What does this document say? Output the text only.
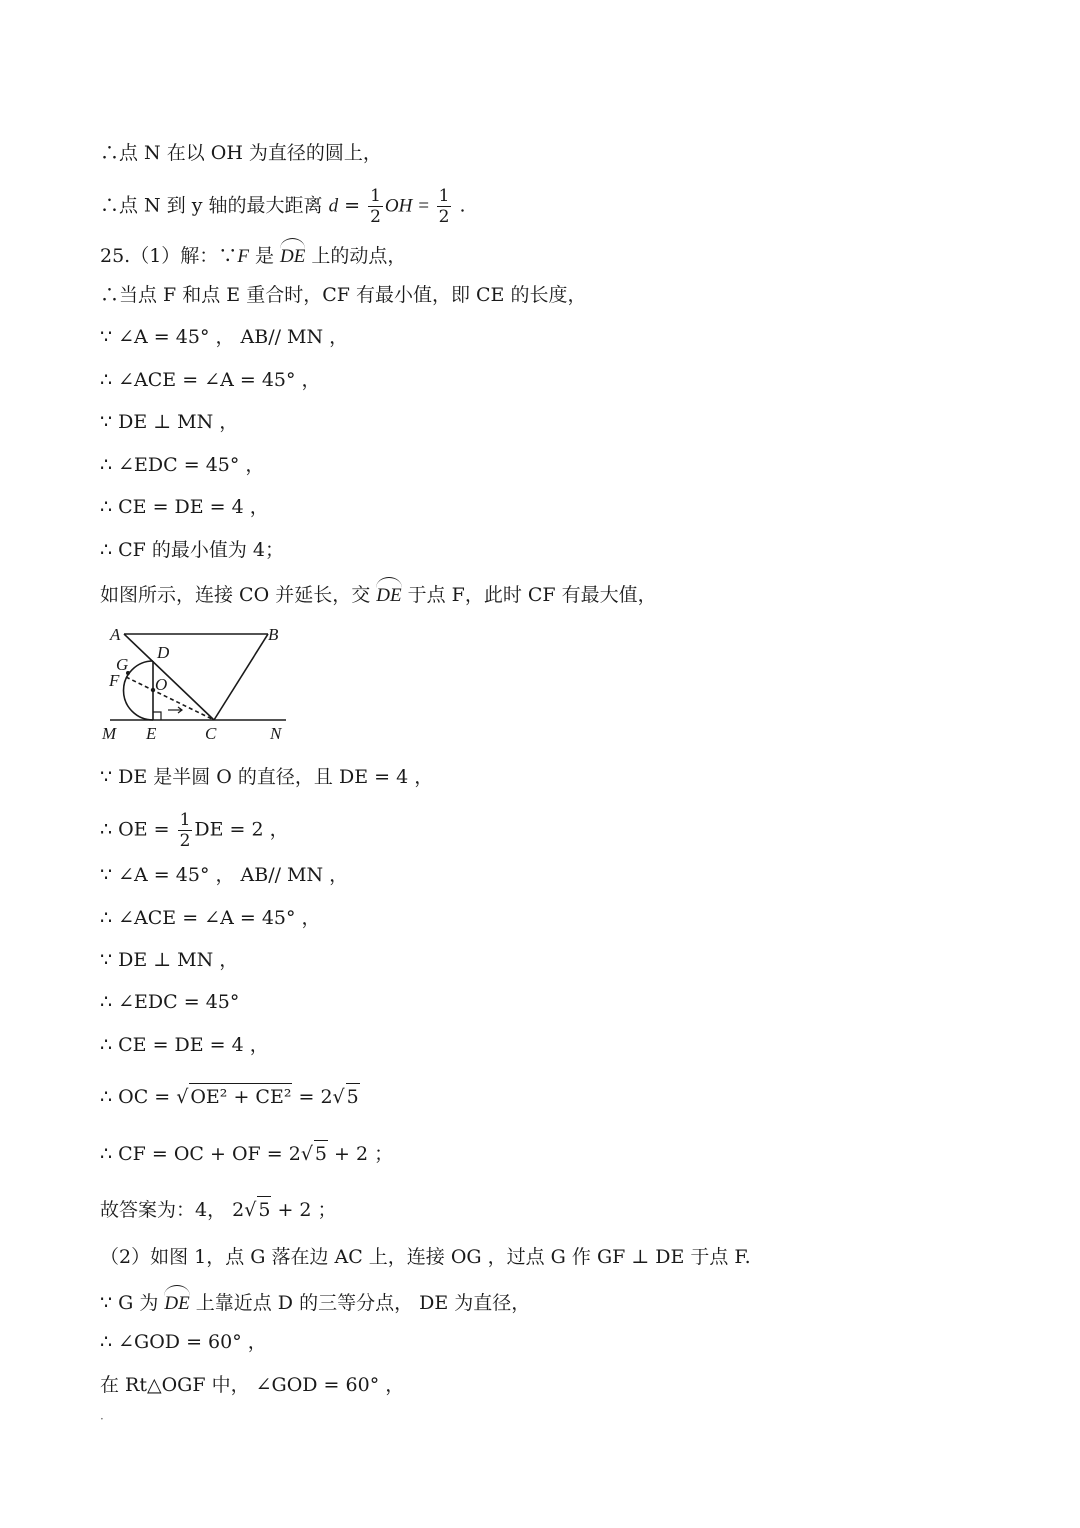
∴点 N 在以 OH 为直径的圆上，
∴点 N 到 y 轴的最大距离 $d = \frac{1}{2}$ OH = $\frac{1}{2}$ .
25.（1）解：∵F 是 DE 上的动点，
∴当点 F 和点 E 重合时，CF 有最小值，即 CE 的长度，
∵ ∠A = 45° ， AB// MN ，
∴ ∠ACE = ∠A = 45° ，
∵ DE ⊥ MN ，
∴ ∠EDC = 45° ，
∴ CE = DE = 4 ，
∴ CF 的最小值为 4；
如图所示，连接 CO 并延长，交 DE 于点 F，此时 CF 有最大值，
A	B
D
G
F O
M E	C	N
∵ DE 是半圆 O 的直径，且 DE = 4 ，
∴ OE = $\frac{1}{2}$ DE = 2 ，
∵ ∠A = 45° ， AB// MN ，
∴ ∠ACE = ∠A = 45° ，
∵ DE ⊥ MN ，
∴ ∠EDC = 45°
∴ CE = DE = 4 ，
∴ OC = √ OE² + CE² = 2√ 5
∴ CF = OC + OF = 2√ 5 + 2 ；
故答案为：4， 2√ 5 + 2 ；
（2）如图 1，点 G 落在边 AC 上，连接 OG ，过点 G 作 GF ⊥ DE 于点 F.
∵ G 为 DE 上靠近点 D 的三等分点， DE 为直径，
∴ ∠GOD = 60° ，
在 Rt△OGF 中， ∠GOD = 60° ，
·
